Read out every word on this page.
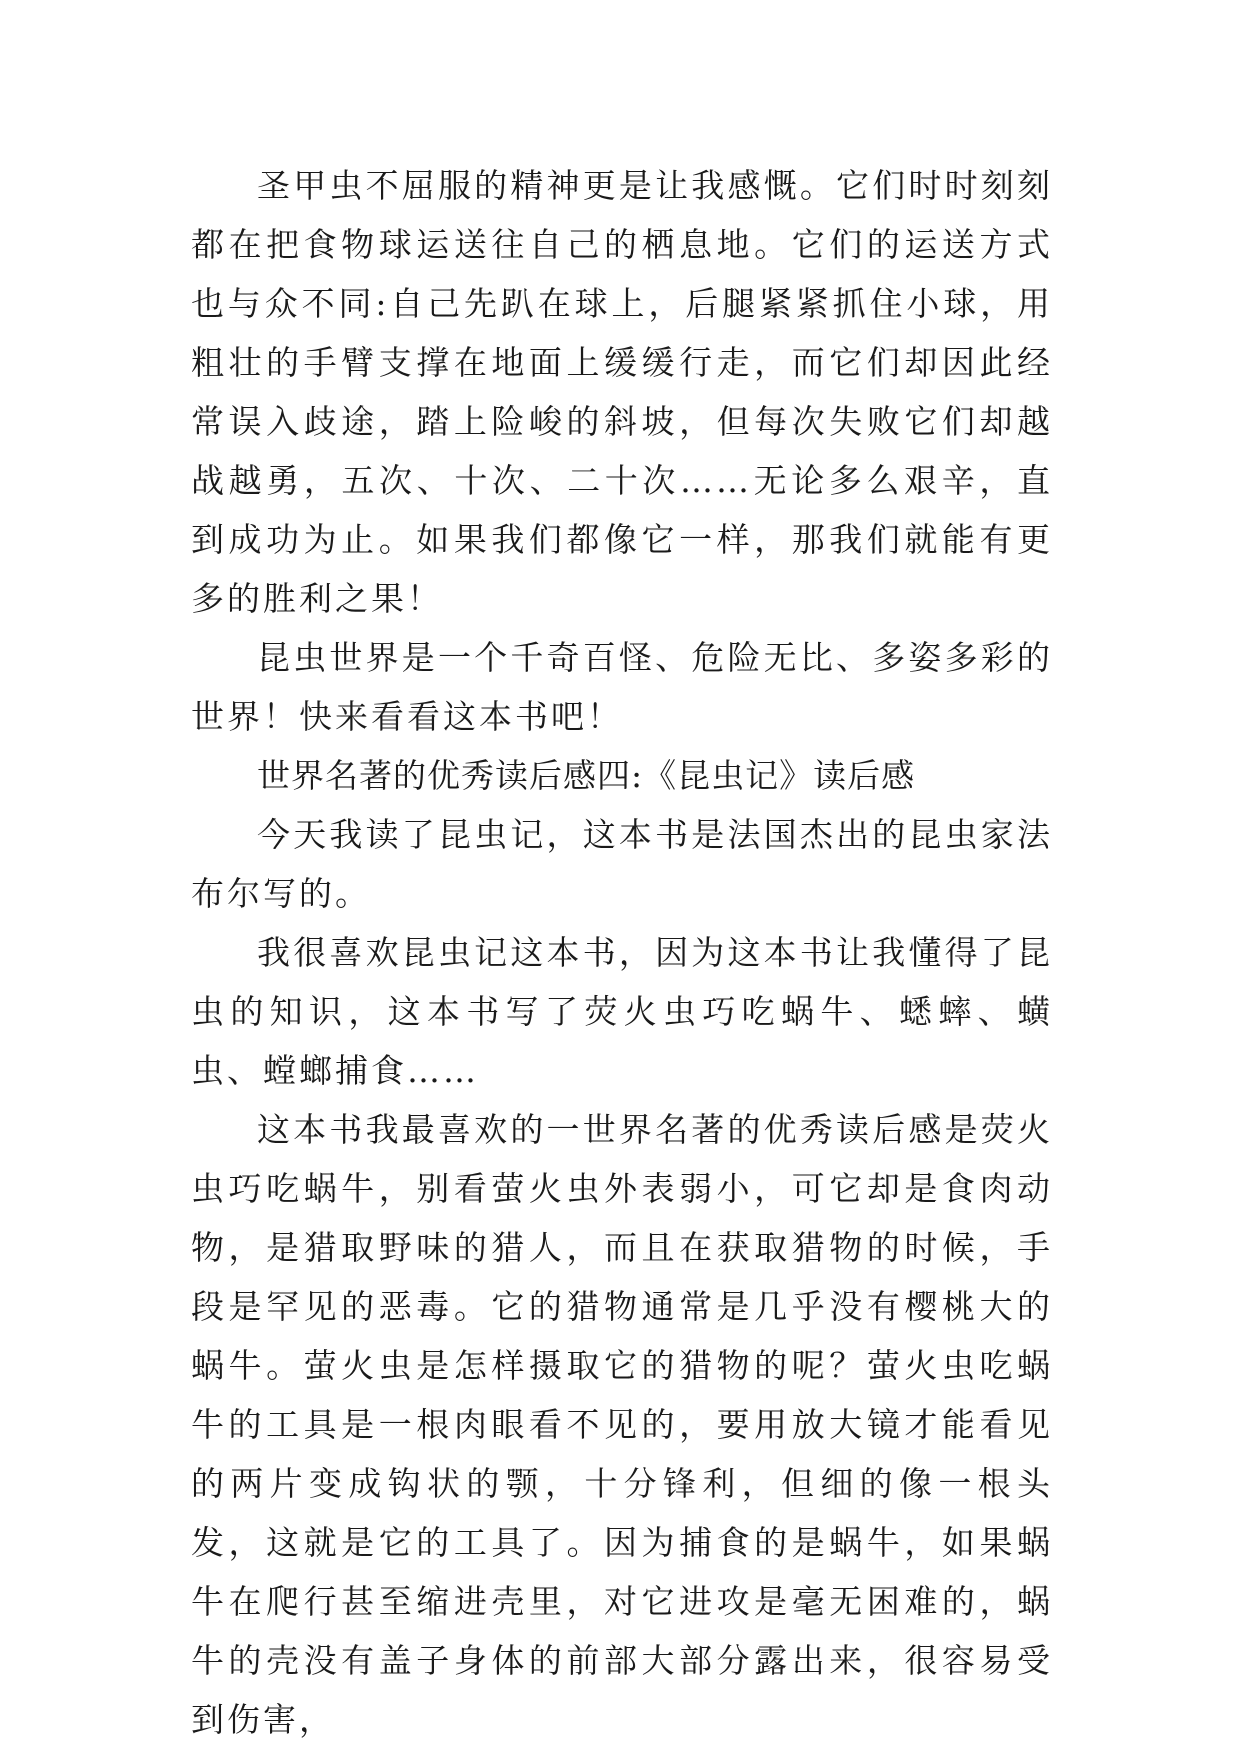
圣甲虫不屈服的精神更是让我感慨。它们时时刻刻都在把食物球运送往自己的栖息地。它们的运送方式也与众不同:自己先趴在球上，后腿紧紧抓住小球，用粗壮的手臂支撑在地面上缓缓行走，而它们却因此经常误入歧途，踏上险峻的斜坡，但每次失败它们却越战越勇，五次、十次、二十次……无论多么艰辛，直到成功为止。如果我们都像它一样，那我们就能有更多的胜利之果！

昆虫世界是一个千奇百怪、危险无比、多姿多彩的世界！快来看看这本书吧！

世界名著的优秀读后感四:《昆虫记》读后感

今天我读了昆虫记，这本书是法国杰出的昆虫家法布尔写的。

我很喜欢昆虫记这本书，因为这本书让我懂得了昆虫的知识，这本书写了荧火虫巧吃蜗牛、蟋蟀、蟥虫、螳螂捕食……

这本书我最喜欢的一世界名著的优秀读后感是荧火虫巧吃蜗牛，别看萤火虫外表弱小，可它却是食肉动物，是猎取野味的猎人，而且在获取猎物的时候，手段是罕见的恶毒。它的猎物通常是几乎没有樱桃大的蜗牛。萤火虫是怎样摄取它的猎物的呢？萤火虫吃蜗牛的工具是一根肉眼看不见的，要用放大镜才能看见的两片变成钩状的颚，十分锋利，但细的像一根头发，这就是它的工具了。因为捕食的是蜗牛，如果蜗牛在爬行甚至缩进壳里，对它进攻是毫无困难的，蜗牛的壳没有盖子身体的前部大部分露出来，很容易受到伤害，
